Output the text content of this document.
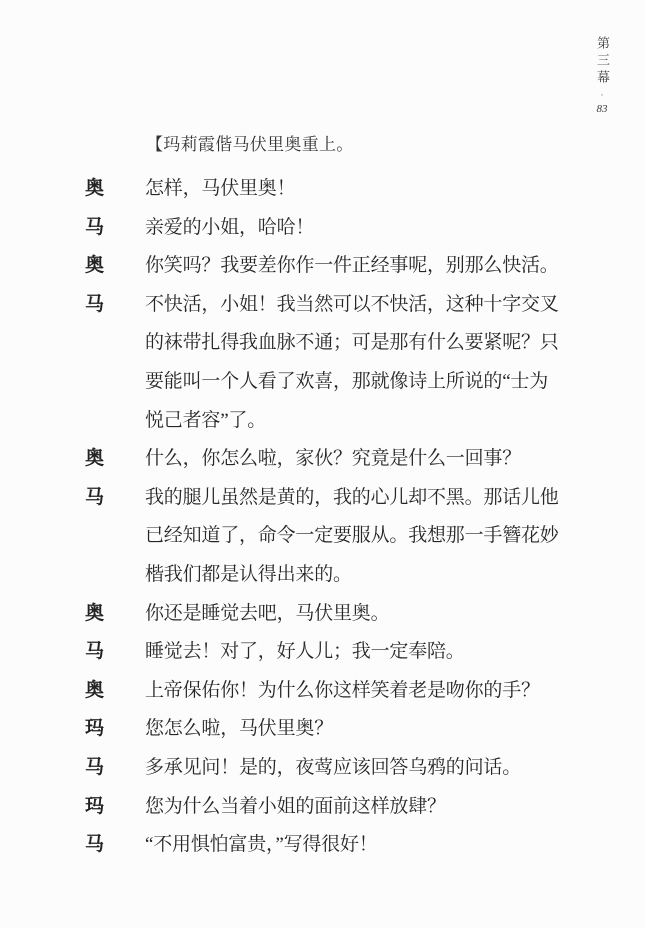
第三幕
·
83
【玛莉霞偕马伏里奥重上。
奥	怎样，马伏里奥！
马	亲爱的小姐，哈哈！
奥	你笑吗？我要差你作一件正经事呢，别那么快活。
马	不快活，小姐！我当然可以不快活，这种十字交叉
的袜带扎得我血脉不通；可是那有什么要紧呢？只
要能叫一个人看了欢喜，那就像诗上所说的“士为
悦己者容”了。
奥	什么，你怎么啦，家伙？究竟是什么一回事？
马	我的腿儿虽然是黄的，我的心儿却不黑。那话儿他
已经知道了，命令一定要服从。我想那一手簪花妙
楷我们都是认得出来的。
奥	你还是睡觉去吧，马伏里奥。
马	睡觉去！对了，好人儿；我一定奉陪。
奥	上帝保佑你！为什么你这样笑着老是吻你的手？
玛	您怎么啦，马伏里奥？
马	多承见问！是的，夜莺应该回答乌鸦的问话。
玛	您为什么当着小姐的面前这样放肆？
马	“不用惧怕富贵，”写得很好！
